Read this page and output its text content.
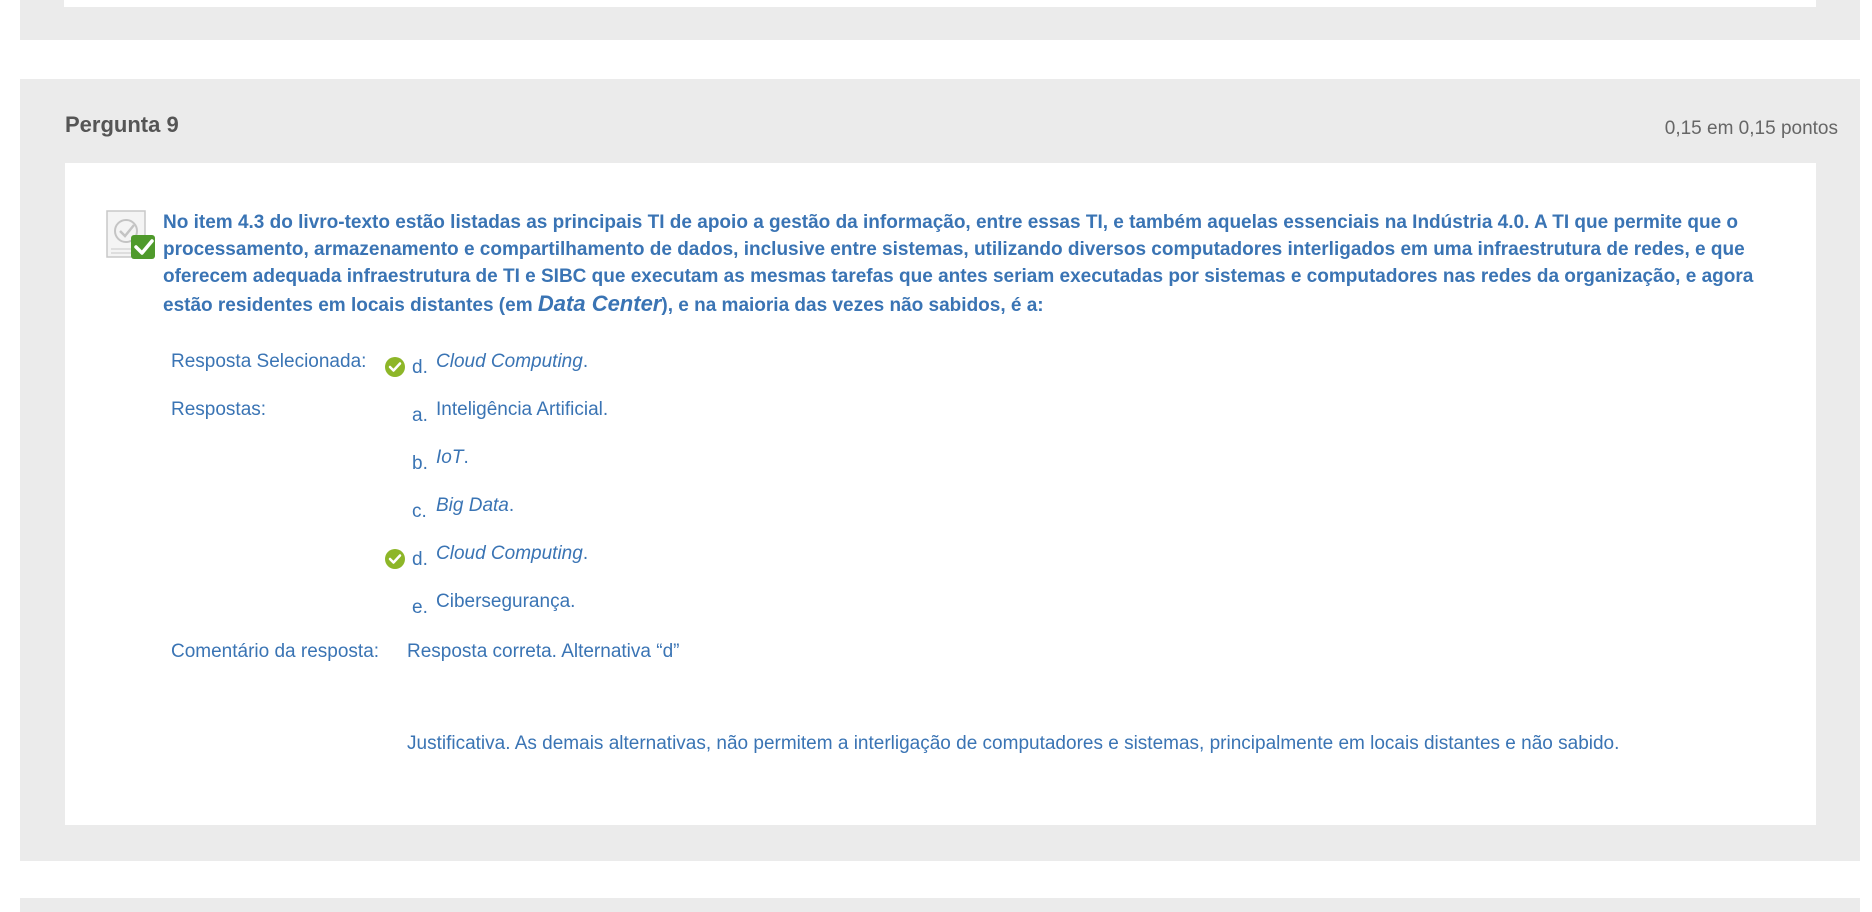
Pergunta 9	0,15 em 0,15 pontos
No item 4.3 do livro-texto estão listadas as principais TI de apoio a gestão da informação, entre essas TI, e também aquelas essenciais na Indústria 4.0. A TI que permite que o processamento, armazenamento e compartilhamento de dados, inclusive entre sistemas, utilizando diversos computadores interligados em uma infraestrutura de redes, e que oferecem adequada infraestrutura de TI e SIBC que executam as mesmas tarefas que antes seriam executadas por sistemas e computadores nas redes da organização, e agora estão residentes em locais distantes (em Data Center), e na maioria das vezes não sabidos, é a:
Resposta Selecionada: d. Cloud Computing.
Respostas:	a. Inteligência Artificial.
b. IoT.
c. Big Data.
d. Cloud Computing.
e. Cibersegurança.
Comentário da resposta: Resposta correta. Alternativa “d”
Justificativa. As demais alternativas, não permitem a interligação de computadores e sistemas, principalmente em locais distantes e não sabido.
